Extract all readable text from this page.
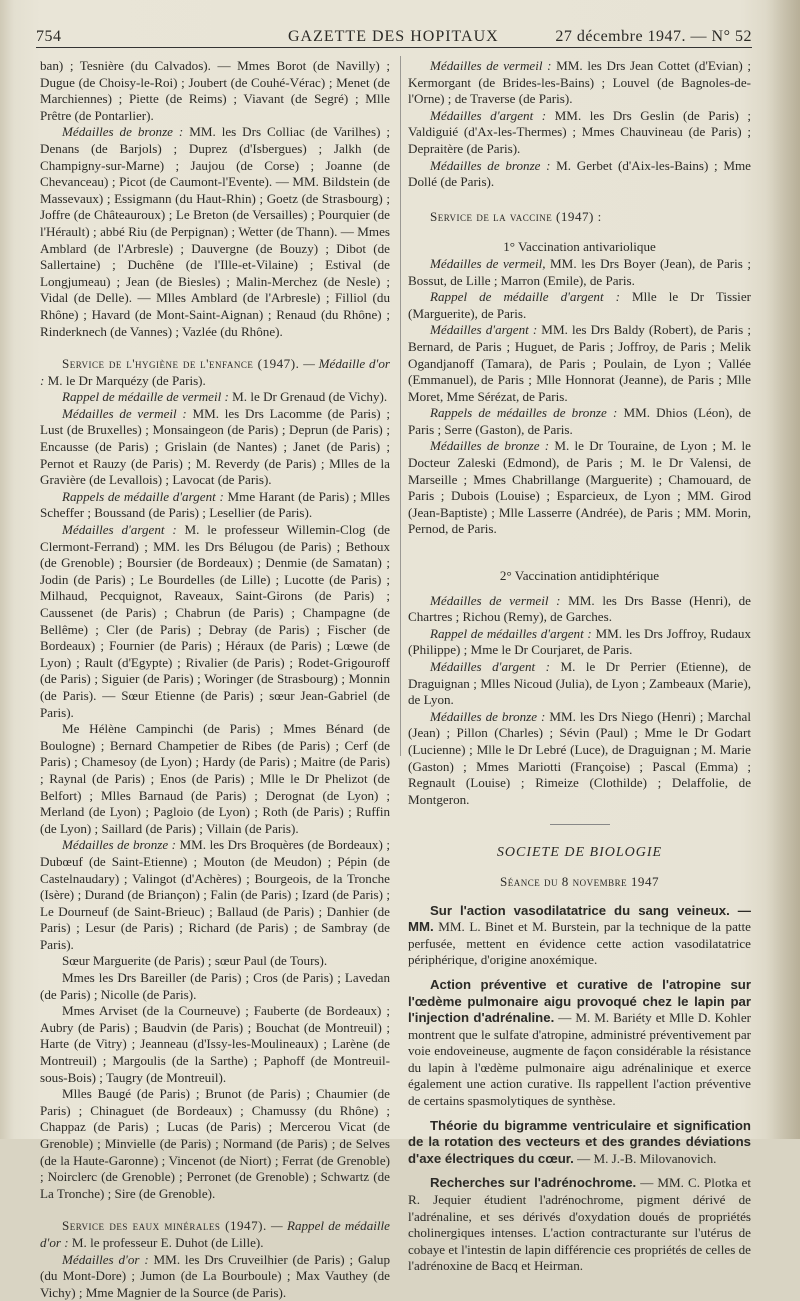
754	GAZETTE DES HOPITAUX	27 décembre 1947. — N° 52

ban) ; Tesnière (du Calvados). — Mmes Borot (de Navilly) ; Dugue (de Choisy-le-Roi) ; Joubert (de Couhé-Vérac) ; Menet (de Marchiennes) ; Piette (de Reims) ; Viavant (de Segré) ; Mlle Prêtre (de Pontarlier).

Médailles de bronze : MM. les Drs Colliac (de Varilhes) ; Denans (de Barjols) ; Duprez (d'Isbergues) ; Jalkh (de Champigny-sur-Marne) ; Jaujou (de Corse) ; Joanne (de Chevanceau) ; Picot (de Caumont-l'Evente). — MM. Bildstein (de Massevaux) ; Essigmann (du Haut-Rhin) ; Goetz (de Strasbourg) ; Joffre (de Châteauroux) ; Le Breton (de Versailles) ; Pourquier (de l'Hérault) ; abbé Riu (de Perpignan) ; Wetter (de Thann). — Mmes Amblard (de l'Arbresle) ; Dauvergne (de Bouzy) ; Dibot (de Sallertaine) ; Duchêne (de l'Ille-et-Vilaine) ; Estival (de Longjumeau) ; Jean (de Biesles) ; Malin-Merchez (de Nesle) ; Vidal (de Delle). — Mlles Amblard (de l'Arbresle) ; Filliol (du Rhône) ; Havard (de Mont-Saint-Aignan) ; Renaud (du Rhône) ; Rinderknech (de Vannes) ; Vazlée (du Rhône).

Service de l'hygiène de l'enfance (1947). — Médaille d'or : M. le Dr Marquézy (de Paris).

Rappel de médaille de vermeil : M. le Dr Grenaud (de Vichy).

Médailles de vermeil : MM. les Drs Lacomme (de Paris) ; Lust (de Bruxelles) ; Monsaingeon (de Paris) ; Deprun (de Paris) ; Encausse (de Paris) ; Grislain (de Nantes) ; Janet (de Paris) ; Pernot et Rauzy (de Paris) ; M. Reverdy (de Paris) ; Mlles de la Gravière (de Levallois) ; Lavocat (de Paris).

Rappels de médaille d'argent : Mme Harant (de Paris) ; Mlles Scheffer ; Boussand (de Paris) ; Lesellier (de Paris).

Médailles d'argent : M. le professeur Willemin-Clog (de Clermont-Ferrand) ; MM. les Drs Bélugou (de Paris) ; Bethoux (de Grenoble) ; Boursier (de Bordeaux) ; Denmie (de Samatan) ; Jodin (de Paris) ; Le Bourdelles (de Lille) ; Lucotte (de Paris) ; Milhaud, Pecquignot, Raveaux, Saint-Girons (de Paris) ; Caussenet (de Paris) ; Chabrun (de Paris) ; Champagne (de Bellême) ; Cler (de Paris) ; Debray (de Paris) ; Fischer (de Bordeaux) ; Fournier (de Paris) ; Héraux (de Paris) ; Lœwe (de Lyon) ; Rault (d'Egypte) ; Rivalier (de Paris) ; Rodet-Grigouroff (de Paris) ; Siguier (de Paris) ; Woringer (de Strasbourg) ; Monnin (de Paris). — Sœur Etienne (de Paris) ; sœur Jean-Gabriel (de Paris).

Me Hélène Campinchi (de Paris) ; Mmes Bénard (de Boulogne) ; Bernard Champetier de Ribes (de Paris) ; Cerf (de Paris) ; Chamesoy (de Lyon) ; Hardy (de Paris) ; Maitre (de Paris) ; Raynal (de Paris) ; Enos (de Paris) ; Mlle le Dr Phelizot (de Belfort) ; Mlles Barnaud (de Paris) ; Derognat (de Lyon) ; Merland (de Lyon) ; Pagloio (de Lyon) ; Roth (de Paris) ; Ruffin (de Lyon) ; Saillard (de Paris) ; Villain (de Paris).

Médailles de bronze : MM. les Drs Broquères (de Bordeaux) ; Dubœuf (de Saint-Etienne) ; Mouton (de Meudon) ; Pépin (de Castelnaudary) ; Valingot (d'Achères) ; Bourgeois, de la Tronche (Isère) ; Durand (de Briançon) ; Falin (de Paris) ; Izard (de Paris) ; Le Dourneuf (de Saint-Brieuc) ; Ballaud (de Paris) ; Danhier (de Paris) ; Lesur (de Paris) ; Richard (de Paris) ; de Sambray (de Paris).

Sœur Marguerite (de Paris) ; sœur Paul (de Tours).

Mmes les Drs Bareiller (de Paris) ; Cros (de Paris) ; Lavedan (de Paris) ; Nicolle (de Paris).

Mmes Arviset (de la Courneuve) ; Fauberte (de Bordeaux) ; Aubry (de Paris) ; Baudvin (de Paris) ; Bouchat (de Montreuil) ; Harte (de Vitry) ; Jeanneau (d'Issy-les-Moulineaux) ; Larène (de Montreuil) ; Margoulis (de la Sarthe) ; Paphoff (de Montreuil-sous-Bois) ; Taugry (de Montreuil).

Mlles Baugé (de Paris) ; Brunot (de Paris) ; Chaumier (de Paris) ; Chinaguet (de Bordeaux) ; Chamussy (du Rhône) ; Chappaz (de Paris) ; Lucas (de Paris) ; Mercerou Vicat (de Grenoble) ; Minvielle (de Paris) ; Normand (de Paris) ; de Selves (de la Haute-Garonne) ; Vincenot (de Niort) ; Ferrat (de Grenoble) ; Noirclerc (de Grenoble) ; Perronet (de Grenoble) ; Schwartz (de La Tronche) ; Sire (de Grenoble).

Service des eaux minérales (1947). — Rappel de médaille d'or : M. le professeur E. Duhot (de Lille).

Médailles d'or : MM. les Drs Cruveilhier (de Paris) ; Galup (du Mont-Dore) ; Jumon (de La Bourboule) ; Max Vauthey (de Vichy) ; Mme Magnier de la Source (de Paris).

Médailles de vermeil : MM. les Drs Jean Cottet (d'Evian) ; Kermorgant (de Brides-les-Bains) ; Louvel (de Bagnoles-de-l'Orne) ; de Traverse (de Paris).

Médailles d'argent : MM. les Drs Geslin (de Paris) ; Valdiguié (d'Ax-les-Thermes) ; Mmes Chauvineau (de Paris) ; Depraitère (de Paris).

Médailles de bronze : M. Gerbet (d'Aix-les-Bains) ; Mme Dollé (de Paris).

Service de la vaccine (1947) :

1° Vaccination antivariolique

Médailles de vermeil, MM. les Drs Boyer (Jean), de Paris ; Bossut, de Lille ; Marron (Emile), de Paris.

Rappel de médaille d'argent : Mlle le Dr Tissier (Marguerite), de Paris.

Médailles d'argent : MM. les Drs Baldy (Robert), de Paris ; Bernard, de Paris ; Huguet, de Paris ; Joffroy, de Paris ; Melik Ogandjanoff (Tamara), de Paris ; Poulain, de Lyon ; Vallée (Emmanuel), de Paris ; Mlle Honnorat (Jeanne), de Paris ; Mlle Moret, Mme Sérézat, de Paris.

Rappels de médailles de bronze : MM. Dhios (Léon), de Paris ; Serre (Gaston), de Paris.

Médailles de bronze : M. le Dr Touraine, de Lyon ; M. le Docteur Zaleski (Edmond), de Paris ; M. le Dr Valensi, de Marseille ; Mmes Chabrillange (Marguerite) ; Chamouard, de Paris ; Dubois (Louise) ; Esparcieux, de Lyon ; MM. Girod (Jean-Baptiste) ; Mlle Lasserre (Andrée), de Paris ; MM. Morin, Pernod, de Paris.

2° Vaccination antidiphtérique

Médailles de vermeil : MM. les Drs Basse (Henri), de Chartres ; Richou (Remy), de Garches.

Rappel de médailles d'argent : MM. les Drs Joffroy, Rudaux (Philippe) ; Mme le Dr Courjaret, de Paris.

Médailles d'argent : M. le Dr Perrier (Etienne), de Draguignan ; Mlles Nicoud (Julia), de Lyon ; Zambeaux (Marie), de Lyon.

Médailles de bronze : MM. les Drs Niego (Henri) ; Marchal (Jean) ; Pillon (Charles) ; Sévin (Paul) ; Mme le Dr Godart (Lucienne) ; Mlle le Dr Lebré (Luce), de Draguignan ; M. Marie (Gaston) ; Mmes Mariotti (Françoise) ; Pascal (Emma) ; Regnault (Louise) ; Rimeize (Clothilde) ; Delaffolie, de Montgeron.

SOCIETE DE BIOLOGIE

Séance du 8 novembre 1947

Sur l'action vasodilatatrice du sang veineux. — MM. MM. L. Binet et M. Burstein, par la technique de la patte perfusée, mettent en évidence cette action vasodilatatrice périphérique, d'origine anoxémique.

Action préventive et curative de l'atropine sur l'œdème pulmonaire aigu provoqué chez le lapin par l'injection d'adrénaline. — M. M. Bariéty et Mlle D. Kohler montrent que le sulfate d'atropine, administré préventivement par voie endoveineuse, augmente de façon considérable la résistance du lapin à l'œdème pulmonaire aigu adrénalinique et exerce également une action curative. Ils rappellent l'action préventive de certains spasmolytiques de synthèse.

Théorie du bigramme ventriculaire et signification de la rotation des vecteurs et des grandes déviations d'axe électriques du cœur. — M. J.-B. Milovanovich.

Recherches sur l'adrénochrome. — MM. C. Plotka et R. Jequier étudient l'adrénochrome, pigment dérivé de l'adrénaline, et ses dérivés d'oxydation doués de propriétés cholinergiques intenses. L'action contracturante sur l'utérus de cobaye et l'intestin de lapin différencie ces propriétés de celles de l'adrénoxine de Bacq et Heirman.
